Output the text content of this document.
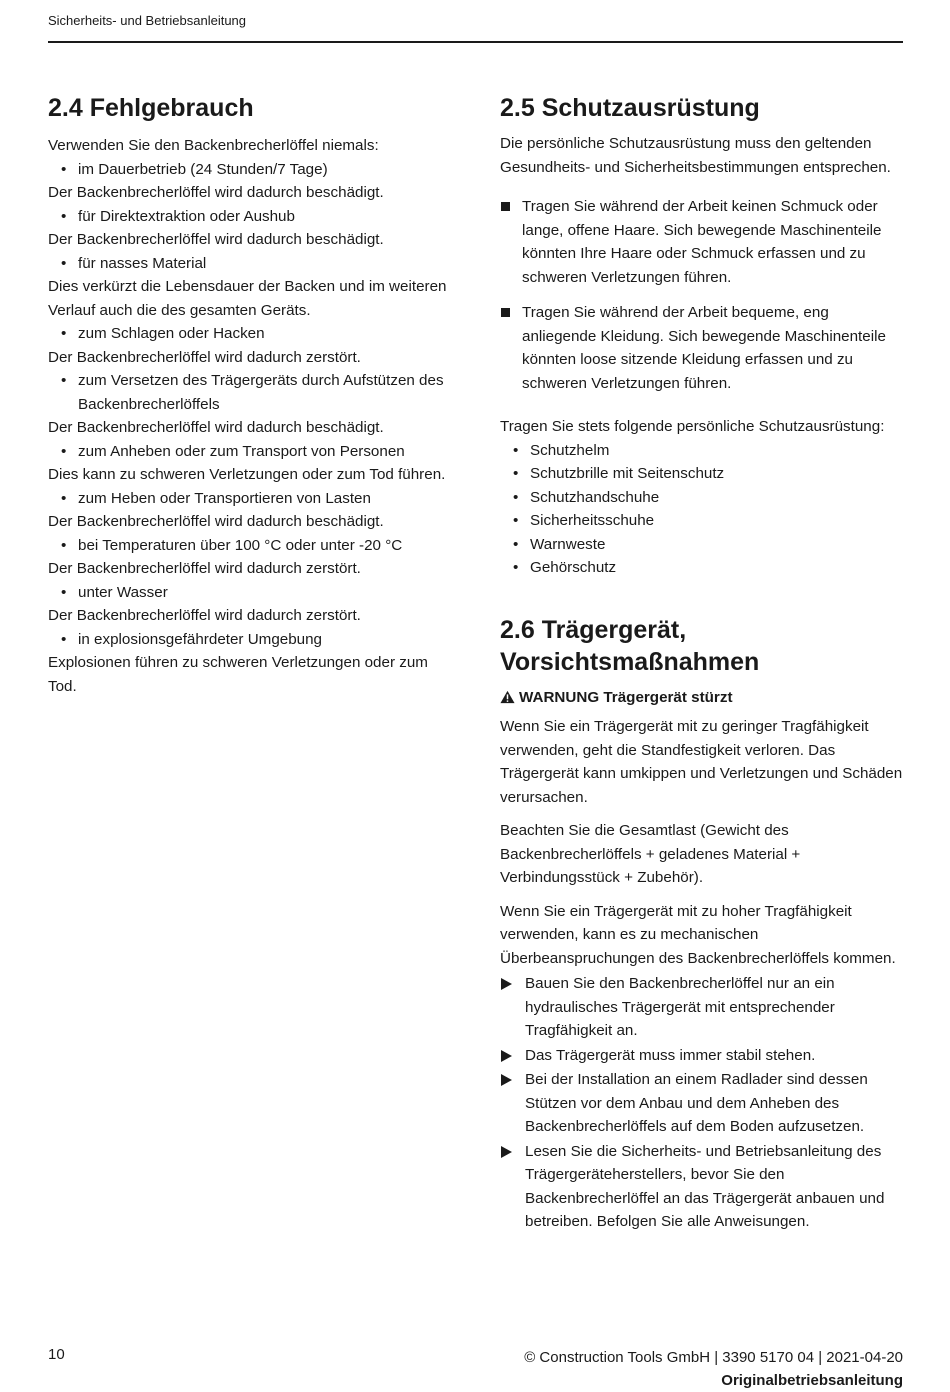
Sicherheits- und Betriebsanleitung
2.4 Fehlgebrauch

Verwenden Sie den Backenbrecherlöffel niemals:

• im Dauerbetrieb (24 Stunden/7 Tage)

Der Backenbrecherlöffel wird dadurch beschädigt.

• für Direktextraktion oder Aushub

Der Backenbrecherlöffel wird dadurch beschädigt.

• für nasses Material

Dies verkürzt die Lebensdauer der Backen und im weiteren Verlauf auch die des gesamten Geräts.

• zum Schlagen oder Hacken

Der Backenbrecherlöffel wird dadurch zerstört.

• zum Versetzen des Trägergeräts durch Aufstützen des Backenbrecherlöffels

Der Backenbrecherlöffel wird dadurch beschädigt.

• zum Anheben oder zum Transport von Personen

Dies kann zu schweren Verletzungen oder zum Tod führen.

• zum Heben oder Transportieren von Lasten

Der Backenbrecherlöffel wird dadurch beschädigt.

• bei Temperaturen über 100 °C oder unter -20 °C

Der Backenbrecherlöffel wird dadurch zerstört.

• unter Wasser

Der Backenbrecherlöffel wird dadurch zerstört.

• in explosionsgefährdeter Umgebung

Explosionen führen zu schweren Verletzungen oder zum Tod.

2.5 Schutzausrüstung

Die persönliche Schutzausrüstung muss den geltenden Gesundheits- und Sicherheitsbestimmungen entsprechen.

Tragen Sie während der Arbeit keinen Schmuck oder lange, offene Haare. Sich bewegende Maschinenteile könnten Ihre Haare oder Schmuck erfassen und zu schweren Verletzungen führen.
Tragen Sie während der Arbeit bequeme, eng anliegende Kleidung. Sich bewegende Maschinenteile könnten loose sitzende Kleidung erfassen und zu schweren Verletzungen führen.

Tragen Sie stets folgende persönliche Schutzausrüstung:

• Schutzhelm
• Schutzbrille mit Seitenschutz
• Schutzhandschuhe
• Sicherheitsschuhe
• Warnweste
• Gehörschutz
2.6 Trägergerät,
Vorsichtsmaßnahmen
WARNUNG Trägergerät stürzt

Wenn Sie ein Trägergerät mit zu geringer Tragfähigkeit verwenden, geht die Standfestigkeit verloren. Das Trägergerät kann umkippen und Verletzungen und Schäden verursachen.

Beachten Sie die Gesamtlast (Gewicht des Backenbrecherlöffels + geladenes Material + Verbindungsstück + Zubehör).

Wenn Sie ein Trägergerät mit zu hoher Tragfähigkeit verwenden, kann es zu mechanischen Überbeanspruchungen des Backenbrecherlöffels kommen.

Bauen Sie den Backenbrecherlöffel nur an ein hydraulisches Trägergerät mit entsprechender Tragfähigkeit an.
Das Trägergerät muss immer stabil stehen.
Bei der Installation an einem Radlader sind dessen Stützen vor dem Anbau und dem Anheben des Backenbrecherlöffels auf dem Boden aufzusetzen.
Lesen Sie die Sicherheits- und Betriebsanleitung des Trägergeräteherstellers, bevor Sie den Backenbrecherlöffel an das Trägergerät anbauen und betreiben. Befolgen Sie alle Anweisungen.
10	© Construction Tools GmbH | 3390 5170 04 | 2021-04-20
Originalbetriebsanleitung
